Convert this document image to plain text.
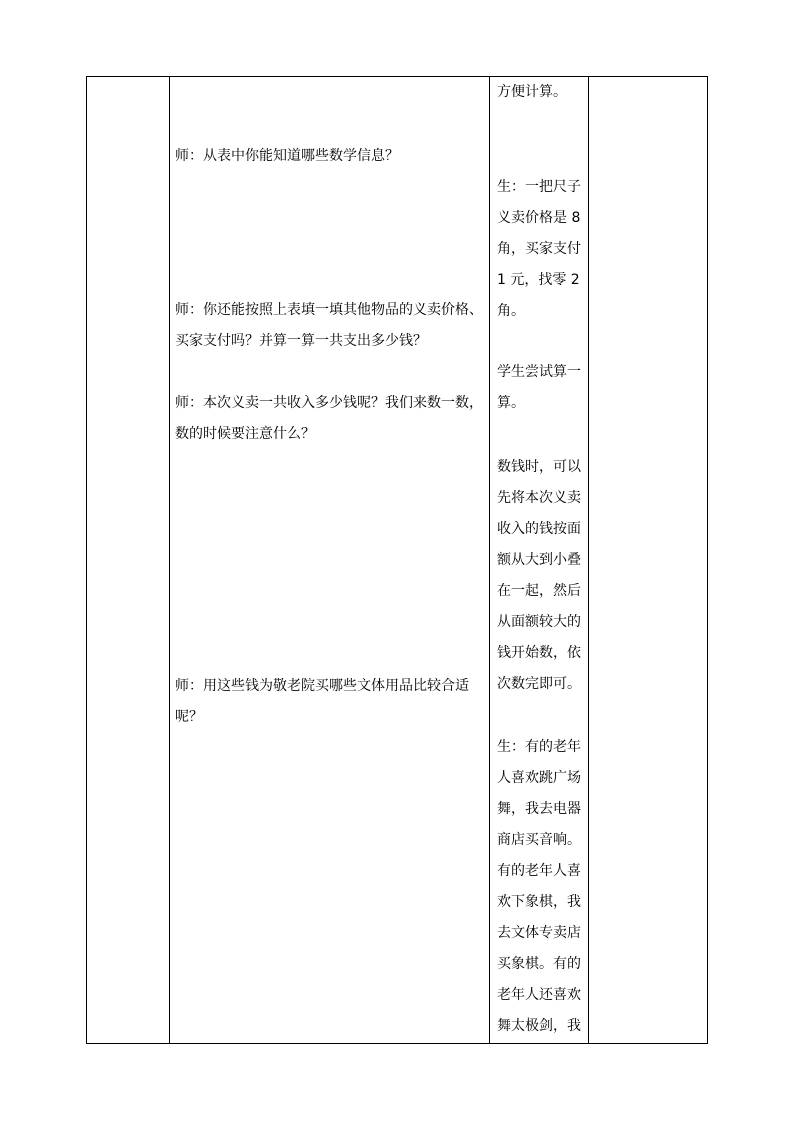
师：从表中你能知道哪些数学信息？
师：你还能按照上表填一填其他物品的义卖价格、
买家支付吗？并算一算一共支出多少钱？
师：本次义卖一共收入多少钱呢？我们来数一数，
数的时候要注意什么？
师：用这些钱为敬老院买哪些文体用品比较合适
呢？
方便计算。
生：一把尺子
义卖价格是 8
角，买家支付
1 元，找零 2
角。
学生尝试算一
算。
数钱时，可以
先将本次义卖
收入的钱按面
额从大到小叠
在一起，然后
从面额较大的
钱开始数，依
次数完即可。
生：有的老年
人喜欢跳广场
舞，我去电器
商店买音响。
有的老年人喜
欢下象棋，我
去文体专卖店
买象棋。有的
老年人还喜欢
舞太极剑，我
